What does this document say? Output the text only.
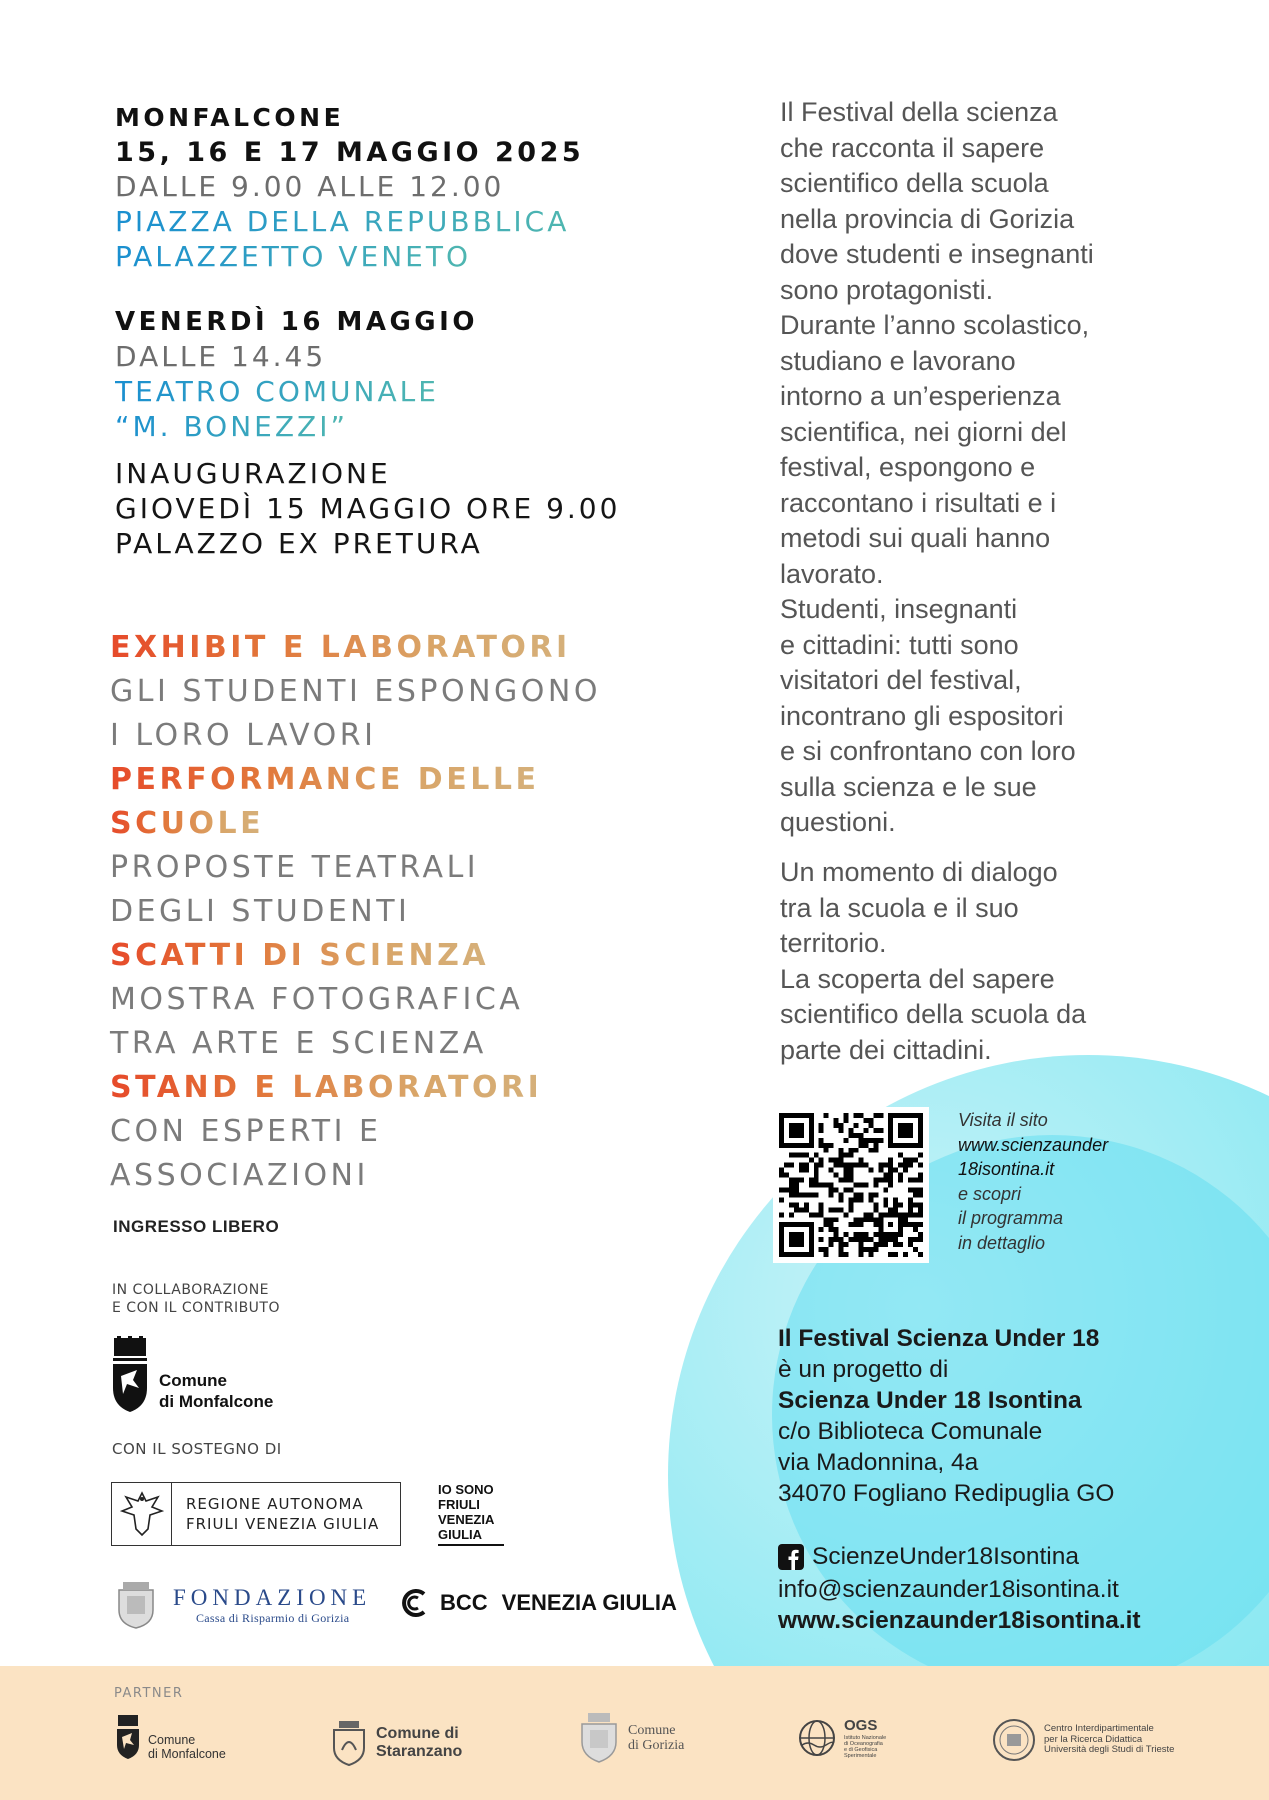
MONFALCONE
15, 16 E 17 MAGGIO 2025
DALLE 9.00 ALLE 12.00
PIAZZA DELLA REPUBBLICA
PALAZZETTO VENETO
VENERDÌ 16 MAGGIO
DALLE 14.45
TEATRO COMUNALE
“M. BONEZZI”
INAUGURAZIONE
GIOVEDÌ 15 MAGGIO ORE 9.00
PALAZZO EX PRETURA
EXHIBIT E LABORATORI
GLI STUDENTI ESPONGONO
I LORO LAVORI
PERFORMANCE DELLE
SCUOLE
PROPOSTE TEATRALI
DEGLI STUDENTI
SCATTI DI SCIENZA
MOSTRA FOTOGRAFICA
TRA ARTE E SCIENZA
STAND E LABORATORI
CON ESPERTI E
ASSOCIAZIONI
INGRESSO LIBERO
IN COLLABORAZIONE
E CON IL CONTRIBUTO
Comune
di Monfalcone
CON IL SOSTEGNO DI
REGIONE AUTONOMA
FRIULI VENEZIA GIULIA
IO SONO
FRIULI
VENEZIA
GIULIA
FONDAZIONE
Cassa di Risparmio di Gorizia
BCC VENEZIA GIULIA
Il Festival della scienza
che racconta il sapere
scientifico della scuola
nella provincia di Gorizia
dove studenti e insegnanti
sono protagonisti.
Durante l’anno scolastico,
studiano e lavorano
intorno a un’esperienza
scientifica, nei giorni del
festival, espongono e
raccontano i risultati e i
metodi sui quali hanno
lavorato.
Studenti, insegnanti
e cittadini: tutti sono
visitatori del festival,
incontrano gli espositori
e si confrontano con loro
sulla scienza e le sue
questioni.
Un momento di dialogo
tra la scuola e il suo
territorio.
La scoperta del sapere
scientifico della scuola da
parte dei cittadini.
Visita il sito
www.scienzaunder
18isontina.it
e scopri
il programma
in dettaglio
Il Festival Scienza Under 18
è un progetto di
Scienza Under 18 Isontina
c/o Biblioteca Comunale
via Madonnina, 4a
34070 Fogliano Redipuglia GO
ScienzeUnder18Isontina
info@scienzaunder18isontina.it
www.scienzaunder18isontina.it
PARTNER
Comune
di Monfalcone
Comune di
Staranzano
Comune
di Gorizia
OGS
Istituto Nazionale
di Oceanografia
e di Geofisica
Sperimentale
Centro Interdipartimentale
per la Ricerca Didattica
Università degli Studi di Trieste
